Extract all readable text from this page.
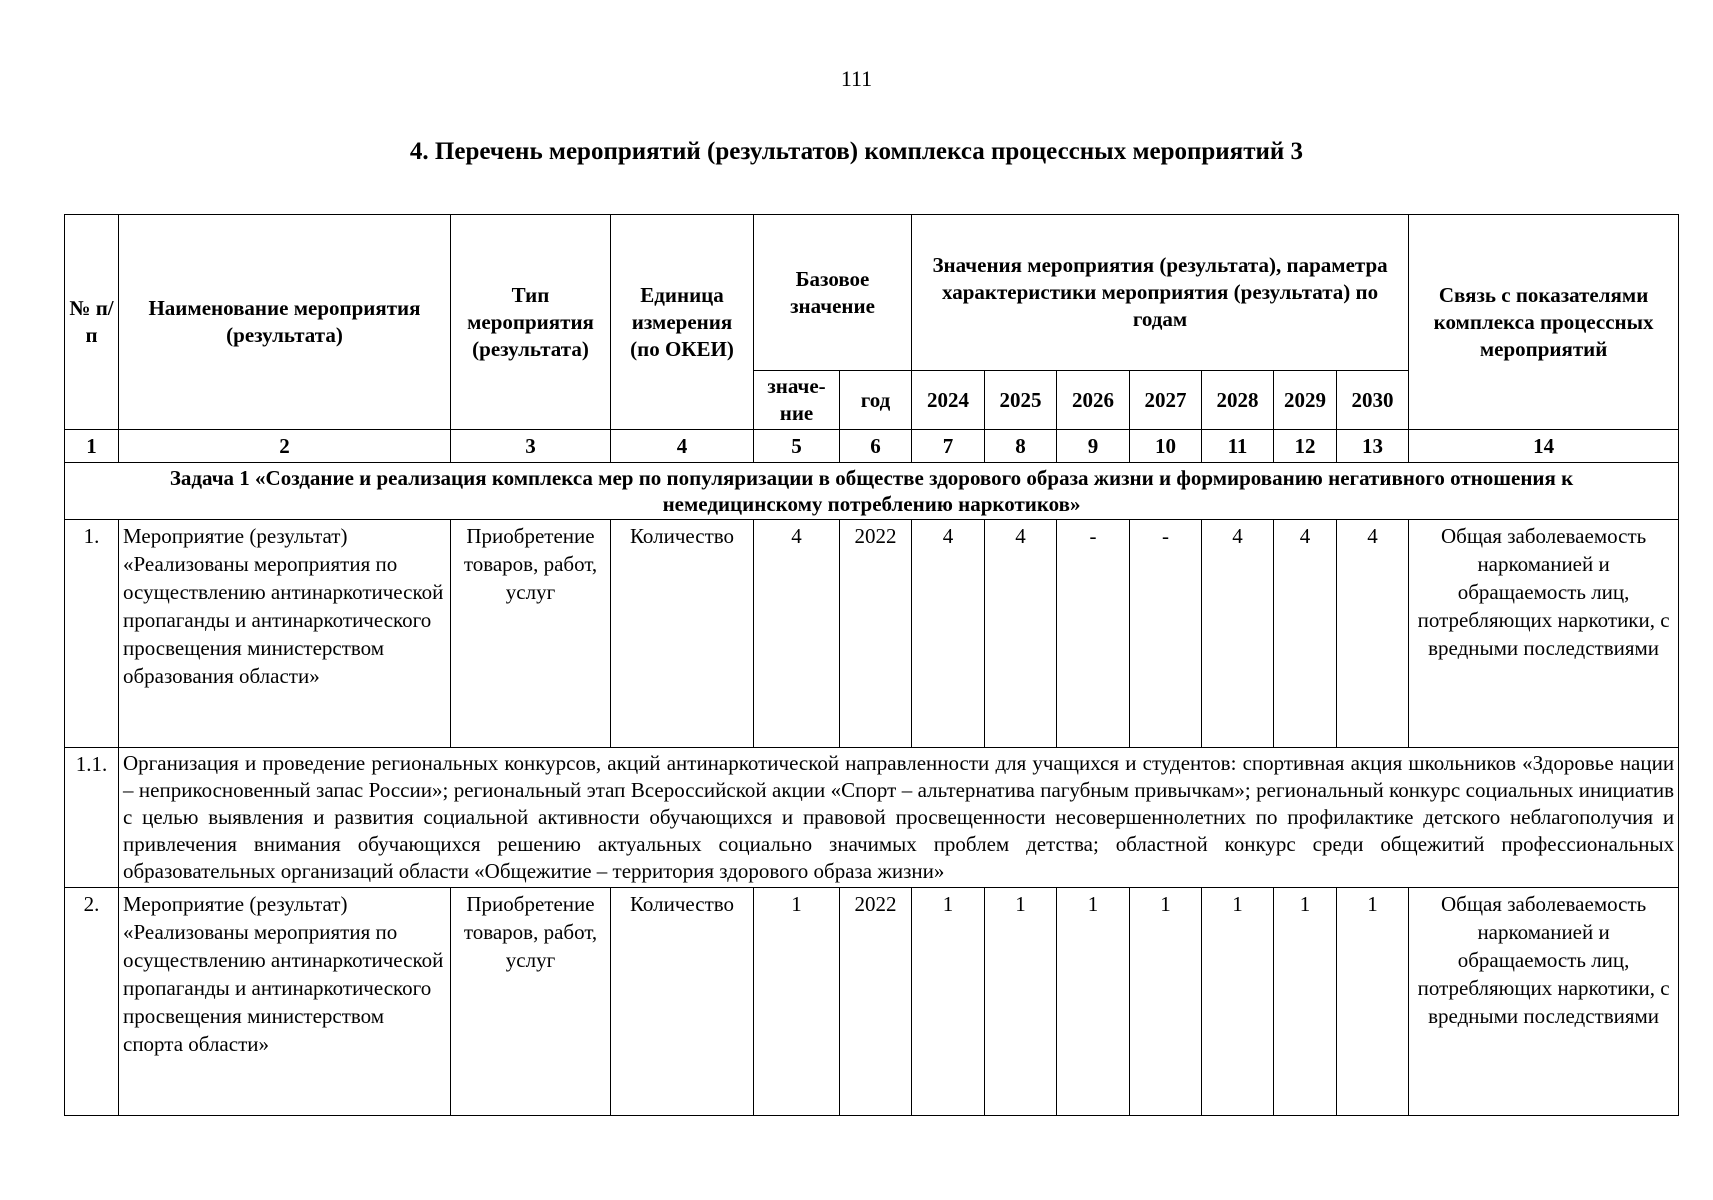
111
4. Перечень мероприятий (результатов) комплекса процессных мероприятий 3
№ п/п	Наименование мероприятия (результата)	Тип мероприятия (результата)	Единица измерения (по ОКЕИ)	Базовое значение		Значения мероприятия (результата), параметра характеристики мероприятия (результата) по годам							Связь с показателями комплекса процессных мероприятий
				значе-ние	год	2024	2025	2026	2027	2028	2029	2030	
1	2	3	4	5	6	7	8	9	10	11	12	13	14
Задача 1 «Создание и реализация комплекса мер по популяризации в обществе здорового образа жизни и формированию негативного отношения к немедицинскому потреблению наркотиков»													
1.	Мероприятие (результат) «Реализованы мероприятия по осуществлению антинаркотической пропаганды и антинаркотического просвещения министерством образования области»	Приобретение товаров, работ, услуг	Количество	4	2022	4	4	-	-	4	4	4	Общая заболеваемость наркоманией и обращаемость лиц, потребляющих наркотики, с вредными последствиями
1.1.	Организация и проведение региональных конкурсов, акций антинаркотической направленности для учащихся и студентов: спортивная акция школьников «Здоровье нации – неприкосновенный запас России»; региональный этап Всероссийской акции «Спорт – альтернатива пагубным привычкам»; региональный конкурс социальных инициатив с целью выявления и развития социальной активности обучающихся и правовой просвещенности несовершеннолетних по профилактике детского неблагополучия и привлечения внимания обучающихся решению актуальных социально значимых проблем детства; областной конкурс среди общежитий профессиональных образовательных организаций области «Общежитие – территория здорового образа жизни»												
2.	Мероприятие (результат) «Реализованы мероприятия по осуществлению антинаркотической пропаганды и антинаркотического просвещения министерством спорта области»	Приобретение товаров, работ, услуг	Количество	1	2022	1	1	1	1	1	1	1	Общая заболеваемость наркоманией и обращаемость лиц, потребляющих наркотики, с вредными последствиями
